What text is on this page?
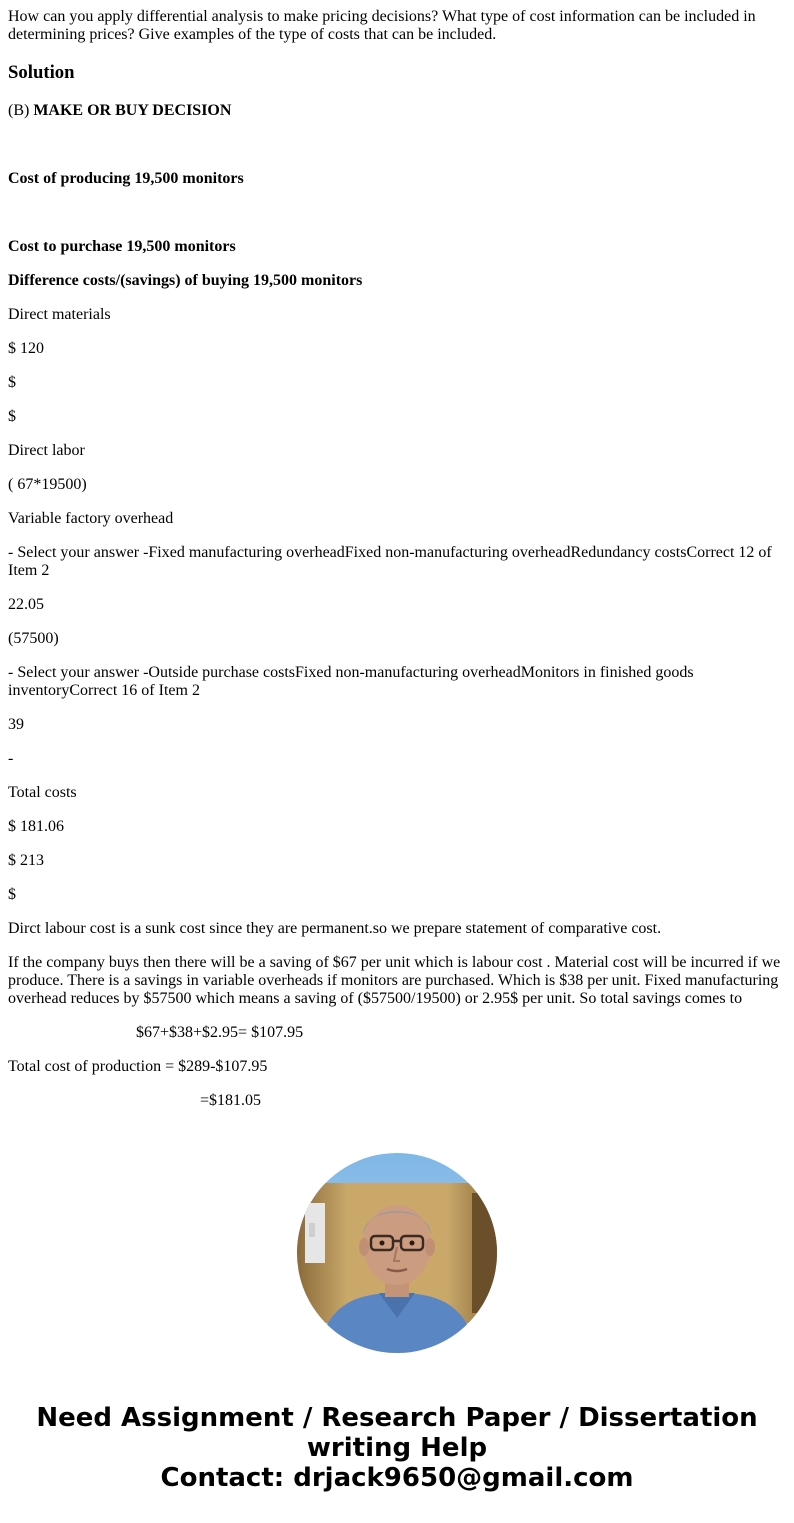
How can you apply differential analysis to make pricing decisions? What type of cost information can be included in determining prices? Give examples of the type of costs that can be included.

Solution

(B) MAKE OR BUY DECISION

Cost of producing 19,500 monitors

Cost to purchase 19,500 monitors

Difference costs/(savings) of buying 19,500 monitors

Direct materials

$ 120

$

$

Direct labor

( 67*19500)

Variable factory overhead

- Select your answer -Fixed manufacturing overheadFixed non-manufacturing overheadRedundancy costsCorrect 12 of Item 2

22.05

(57500)

- Select your answer -Outside purchase costsFixed non-manufacturing overheadMonitors in finished goods inventoryCorrect 16 of Item 2

39

-

Total costs

$ 181.06

$ 213

$

Dirct labour cost is a sunk cost since they are permanent.so we prepare statement of comparative cost.

If the company buys then there will be a saving of $67 per unit which is labour cost . Material cost will be incurred if we produce. There is a savings in variable overheads if monitors are purchased. Which is $38 per unit. Fixed manufacturing overhead reduces by $57500 which means a saving of ($57500/19500) or 2.95$ per unit. So total savings comes to

$67+$38+$2.95= $107.95

Total cost of production = $289-$107.95

=$181.05

Need Assignment / Research Paper / Dissertation
writing Help
Contact: drjack9650@gmail.com
